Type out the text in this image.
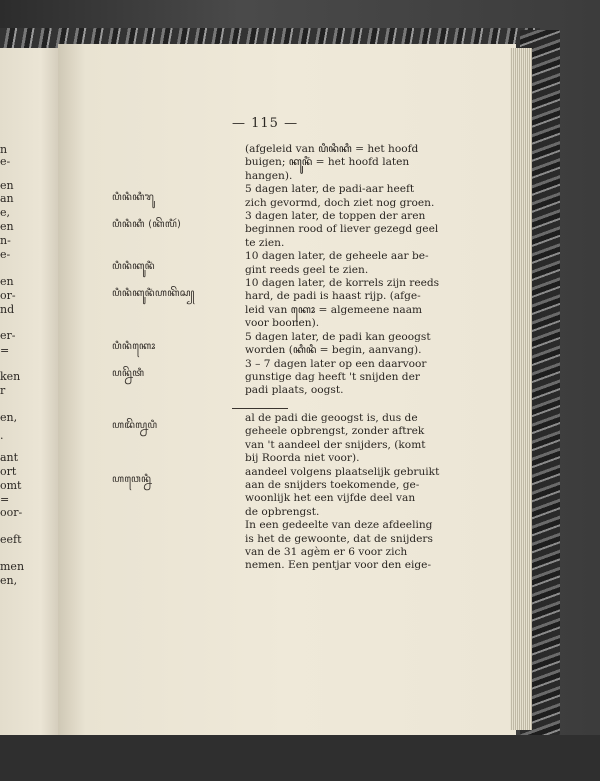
— 115 —
n
e-
en
an
e,
en
n-
e-
en
or-
nd
er-
=
ken
r
en,
.
ant
ort
omt
=
oor-
eeft
men
en,
ꦥꦶꦤꦶꦏꦶꦫꦸ
ꦥꦶꦤꦶꦏꦶ (ꦏꦼꦭꦶꦂ)
ꦥꦶꦤꦶꦏꦸꦤꦶꦁ
ꦥꦶꦤꦶꦏꦸꦤꦶꦁꦲꦏꦼꦱ꧀
ꦥꦶꦤꦶꦏꦺꦴ
ꦥꦤ꧀ꦤꦼꦠꦶ
ꦲꦢꦼꦭ꧀ꦤꦥꦶ
ꦲꦮꦺꦤ꧀ꦤꦶ

(afgeleid van ꦥꦶꦤꦶꦏꦶ = het hoofd

buigen; ꦏꦸꦤꦶꦁ = het hoofd laten

hangen).

5 dagen later, de padi-aar heeft

zich gevormd, doch ziet nog groen.

3 dagen later, de toppen der aren

beginnen rood of liever gezegd geel

te zien.

10 dagen later, de geheele aar be-

gint reeds geel te zien.

10 dagen later, de korrels zijn reeds

hard, de padi is haast rijp. (afge-

leid van ꦏꦺꦴ = algemeene naam

voor boonen).

5 dagen later, de padi kan geoogst

worden (ꦏꦶꦤꦶ = begin, aanvang).

3 – 7 dagen later op een daarvoor

gunstige dag heeft 't snijden der

padi plaats, oogst.

al de padi die geoogst is, dus de

geheele opbrengst, zonder aftrek

van 't aandeel der snijders, (komt

bij Roorda niet voor).

aandeel volgens plaatselijk gebruikt

aan de snijders toekomende, ge-

woonlijk het een vijfde deel van

de opbrengst.

In een gedeelte van deze afdeeling

is het de gewoonte, dat de snijders

van de 31 agèm er 6 voor zich

nemen. Een pentjar voor den eige-
